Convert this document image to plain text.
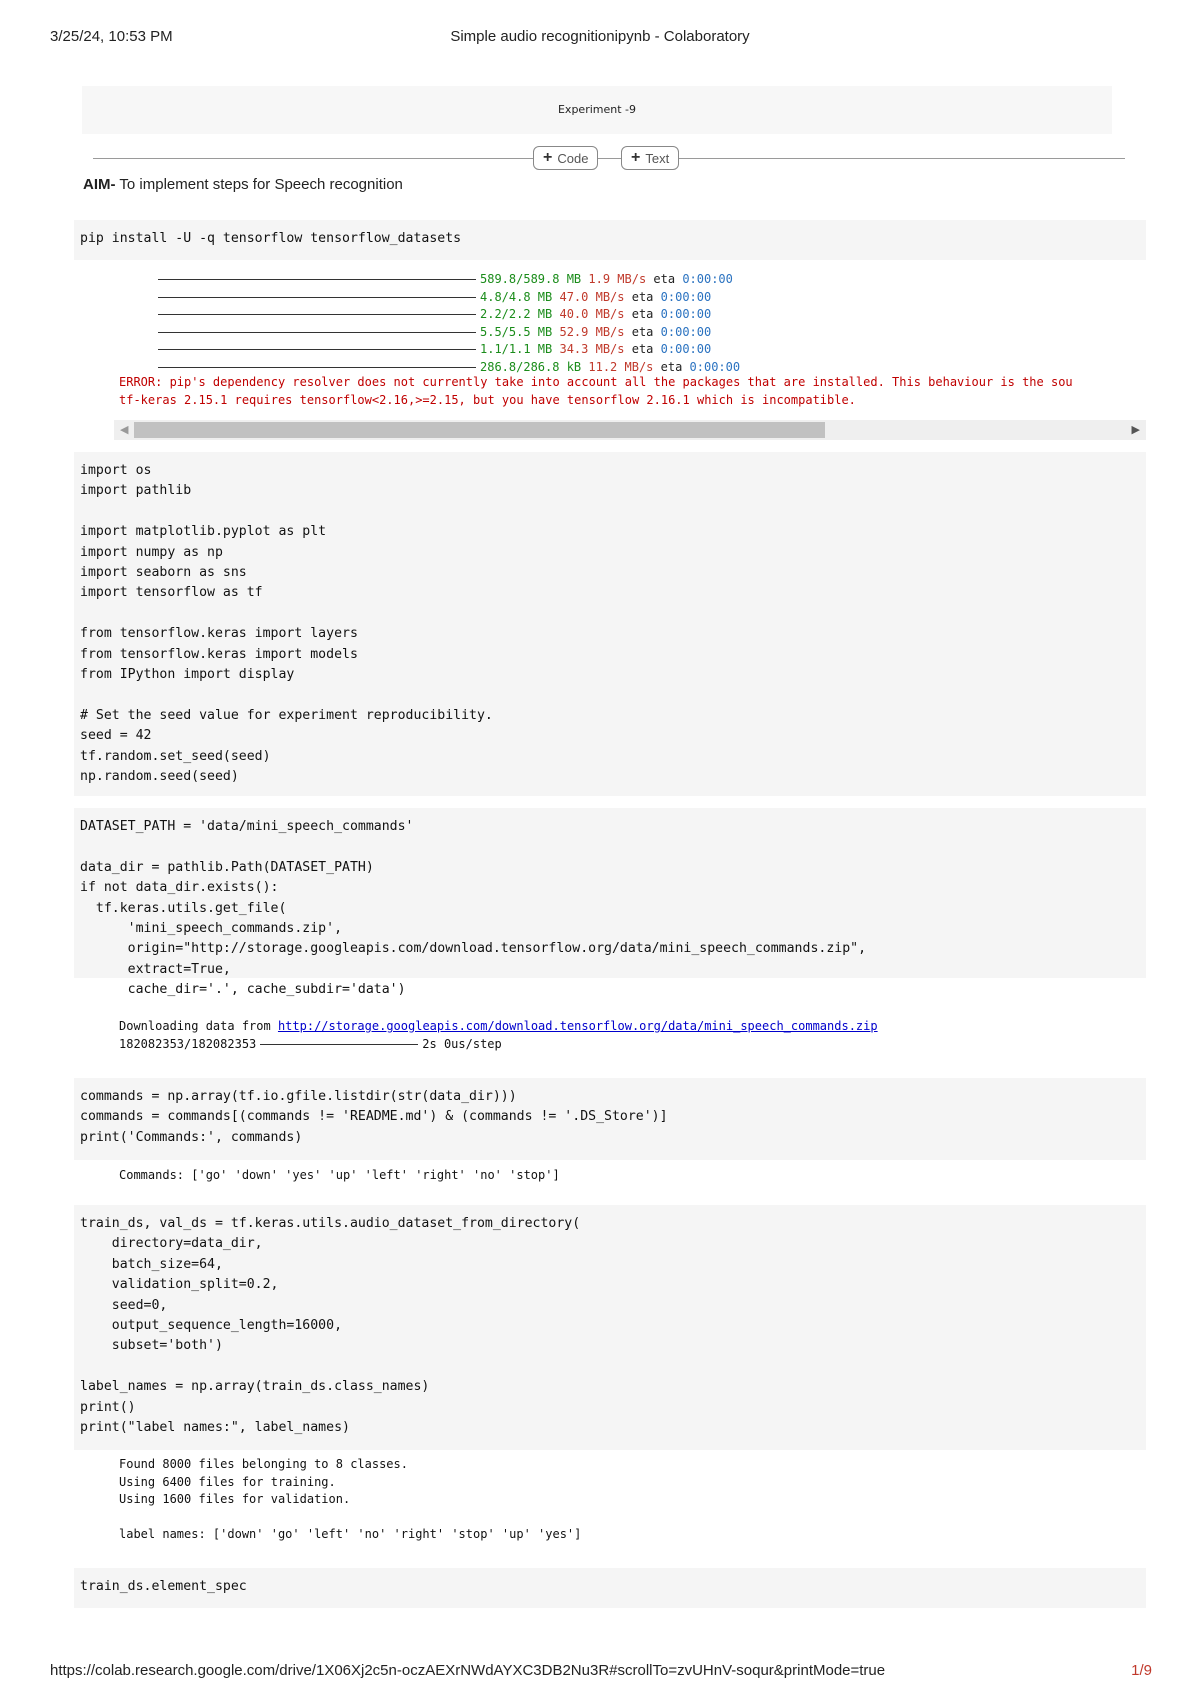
3/25/24, 10:53 PM	Simple audio recognitionipynb - Colaboratory
Experiment -9
+ Code	+ Text
AIM- To implement steps for Speech recognition
pip install -U -q tensorflow tensorflow_datasets
589.8/589.8 MB 1.9 MB/s eta 0:00:00
4.8/4.8 MB 47.0 MB/s eta 0:00:00
2.2/2.2 MB 40.0 MB/s eta 0:00:00
5.5/5.5 MB 52.9 MB/s eta 0:00:00
1.1/1.1 MB 34.3 MB/s eta 0:00:00
286.8/286.8 kB 11.2 MB/s eta 0:00:00
ERROR: pip's dependency resolver does not currently take into account all the packages that are installed. This behaviour is the sou
tf-keras 2.15.1 requires tensorflow<2.16,>=2.15, but you have tensorflow 2.16.1 which is incompatible.
◀	▶
import os
import pathlib

import matplotlib.pyplot as plt
import numpy as np
import seaborn as sns
import tensorflow as tf

from tensorflow.keras import layers
from tensorflow.keras import models
from IPython import display

# Set the seed value for experiment reproducibility.
seed = 42
tf.random.set_seed(seed)
np.random.seed(seed)
DATASET_PATH = 'data/mini_speech_commands'

data_dir = pathlib.Path(DATASET_PATH)
if not data_dir.exists():
tf.keras.utils.get_file(
'mini_speech_commands.zip',
origin="http://storage.googleapis.com/download.tensorflow.org/data/mini_speech_commands.zip",
extract=True,
cache_dir='.', cache_subdir='data')
Downloading data from http://storage.googleapis.com/download.tensorflow.org/data/mini_speech_commands.zip
182082353/182082353	2s 0us/step
commands = np.array(tf.io.gfile.listdir(str(data_dir)))
commands = commands[(commands != 'README.md') & (commands != '.DS_Store')]
print('Commands:', commands)
Commands: ['go' 'down' 'yes' 'up' 'left' 'right' 'no' 'stop']
train_ds, val_ds = tf.keras.utils.audio_dataset_from_directory(
directory=data_dir,
batch_size=64,
validation_split=0.2,
seed=0,
output_sequence_length=16000,
subset='both')

label_names = np.array(train_ds.class_names)
print()
print("label names:", label_names)
Found 8000 files belonging to 8 classes.
Using 6400 files for training.
Using 1600 files for validation.

label names: ['down' 'go' 'left' 'no' 'right' 'stop' 'up' 'yes']
train_ds.element_spec
https://colab.research.google.com/drive/1X06Xj2c5n-oczAEXrNWdAYXC3DB2Nu3R#scrollTo=zvUHnV-soqur&printMode=true	1/9
